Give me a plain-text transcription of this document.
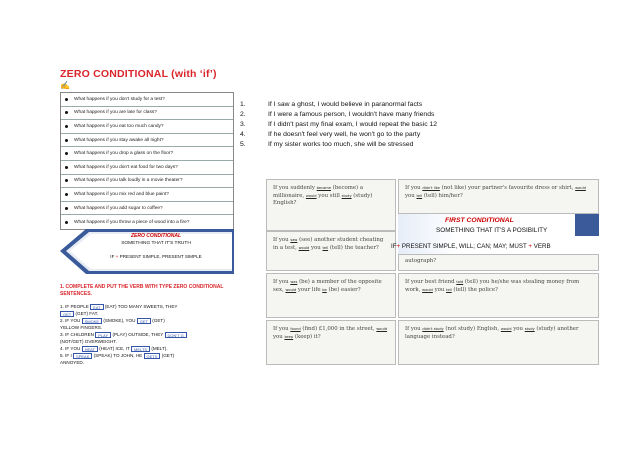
ZERO CONDITIONAL (with ‘if’)
✍
What happens if you don't study for a test?
What happens if you are late for class?
What happens if you eat too much candy?
What happens if you stay awake all night?
What happens if you drop a glass on the floor?
What happens if you don't eat food for two days?
What happens if you talk loudly in a movie theater?
What happens if you mix red and blue paint?
What happens if you add sugar to coffee?
What happens if you throw a piece of wood into a fire?
ZERO CONDITIONAL
SOMETHING THAT IT'S TRUTH
IF + PRESENT SIMPLE, PRESENT SIMPLE
1. COMPLETE AND PUT THE VERB WITH TYPE ZERO CONDITIONAL SENTENCES.
1. IF PEOPLE EAT (EAT) TOO MANY SWEETS, THEY
GET (GET) FAT.
2. IF YOU SMOKE (SMOKE), YOU GET (GET)
YELLOW FINGERS.
3. IF CHILDREN PLAY (PLAY) OUTSIDE, THEY DON'T G
(NOT/GET) OVERWEIGHT.
4. IF YOU HEAT (HEAT) ICE, IT MELTS (MELT).
5. IF I SPEAK (SPEAK) TO JOHN, HE GETS (GET)
ANNOYED.
1.	If I saw a ghost, I would believe in paranormal facts
2.	If I were a famous person, I wouldn't have many friends
3.	If I didn't past my final exam, I would repeat the basic 12
4.	If he doesn't feel very well, he won't go to the party
5.	If my sister works too much, she will be stressed
If you suddenly became (become) a millionaire, would you still study (study) English?
If you didn't like (not like) your partner's favourite dress or shirt, would you tell (tell) him/her?
If you saw (see) another student cheating in a test, would you tell (tell) the teacher?
autograph?
FIRST CONDITIONAL
SOMETHING THAT IT'S A POSIBILITY
IF+ PRESENT SIMPLE, WILL; CAN; MAY; MUST + VERB
If you was (be) a member of the opposite sex, would your life be (be) easier?
If your best friend told (tell) you he/she was stealing money from work, would you tell (tell) the police?
If you found (find) £1,000 in the street, would you keep (keep) it?
If you didn't study (not study) English, would you study (study) another language instead?
